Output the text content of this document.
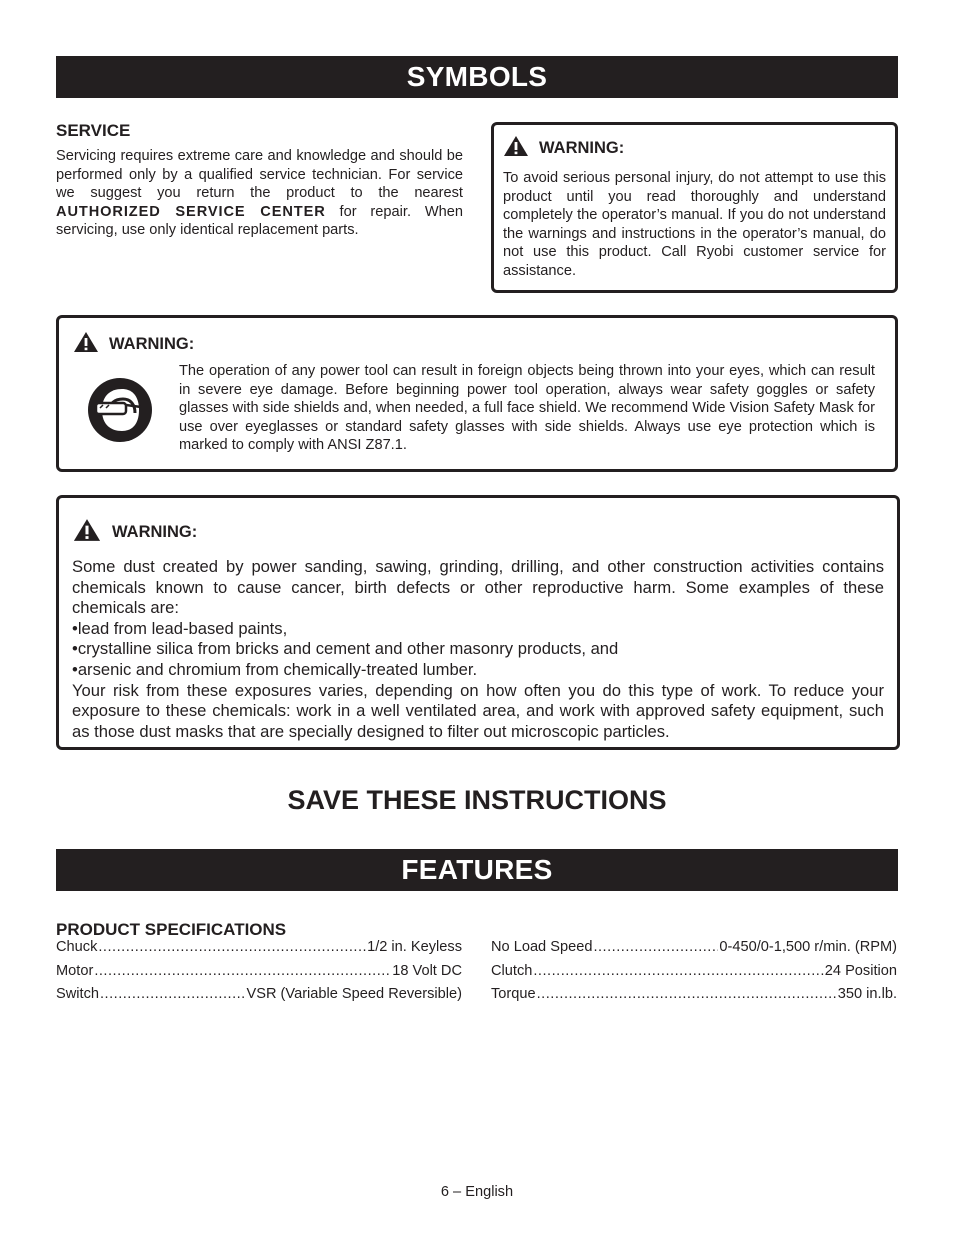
SYMBOLS
SERVICE
Servicing requires extreme care and knowledge and should be performed only by a qualified service technician. For service we suggest you return the product to the nearest AUTHORIZED SERVICE CENTER for repair. When servicing, use only identical replacement parts.
WARNING:
To avoid serious personal injury, do not attempt to use this product until you read thoroughly and understand completely the operator’s manual. If you do not understand the warnings and instructions in the operator’s manual, do not use this product. Call Ryobi customer service for assistance.
WARNING:
The operation of any power tool can result in foreign objects being thrown into your eyes, which can result in severe eye damage. Before beginning power tool operation, always wear safety goggles or safety glasses with side shields and, when needed, a full face shield. We recommend Wide Vision Safety Mask for use over eyeglasses or standard safety glasses with side shields. Always use eye protection which is marked to comply with ANSI Z87.1.
WARNING:
Some dust created by power sanding, sawing, grinding, drilling, and other construction activities contains chemicals known to cause cancer, birth defects or other reproductive harm. Some examples of these chemicals are:
•lead from lead-based paints,
•crystalline silica from bricks and cement and other masonry products, and
•arsenic and chromium from chemically-treated lumber.
Your risk from these exposures varies, depending on how often you do this type of work. To reduce your exposure to these chemicals: work in a well ventilated area, and work with approved safety equipment, such as those dust masks that are specially designed to filter out microscopic particles.
SAVE THESE INSTRUCTIONS
FEATURES
PRODUCT SPECIFICATIONS
Chuck .....	1/2 in. Keyless
Motor .....	18 Volt DC
Switch .....	VSR (Variable Speed Reversible)
No Load Speed .....	0-450/0-1,500 r/min. (RPM)
Clutch .....	24 Position
Torque .....	350 in.lb.
6 – English
